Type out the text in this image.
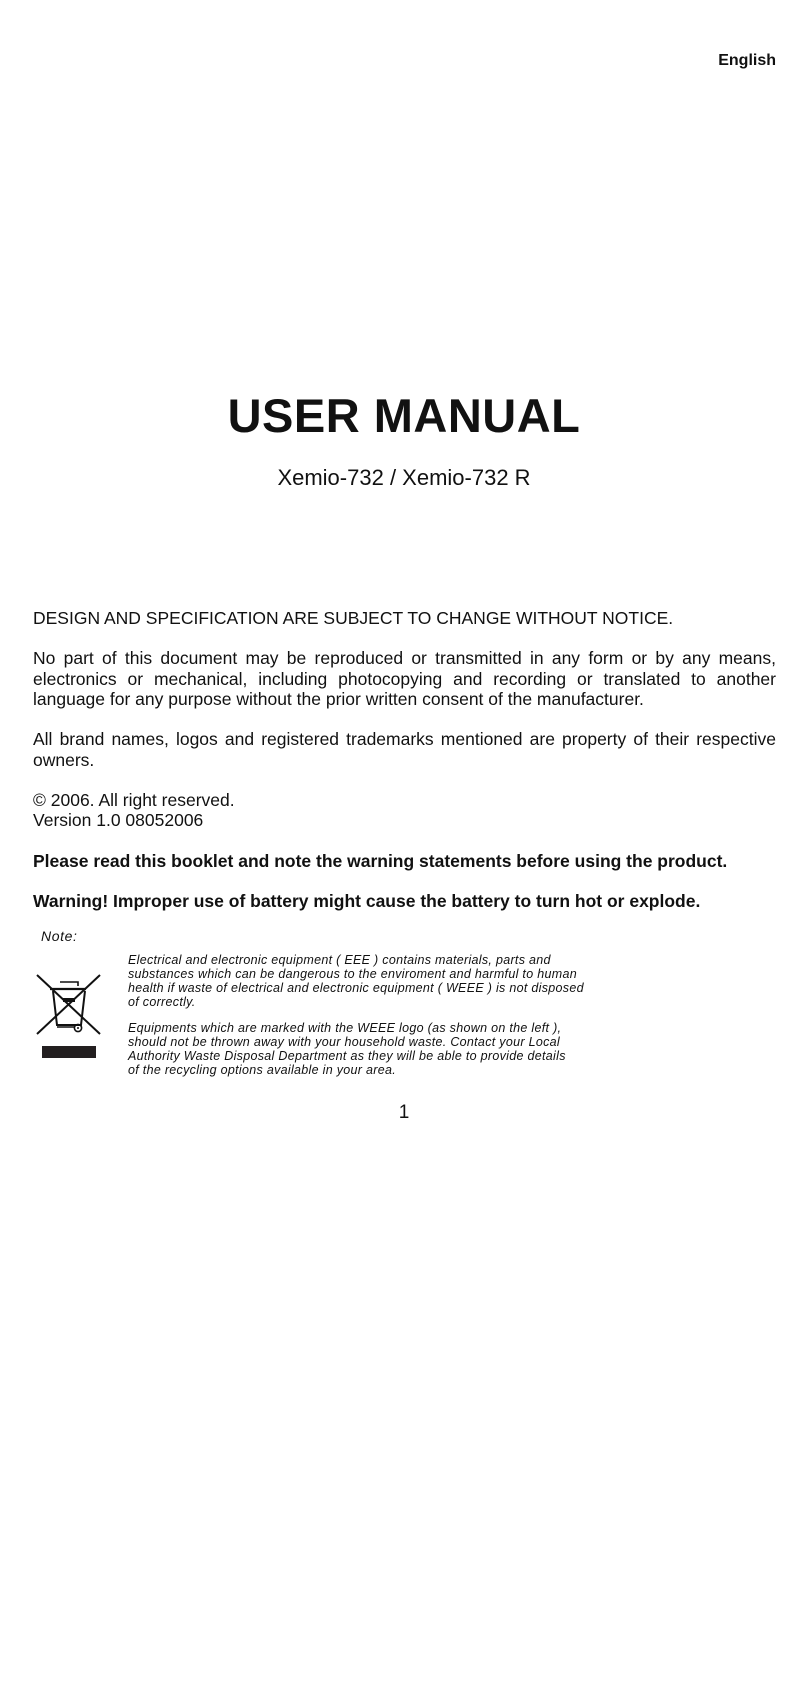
English

USER MANUAL

Xemio-732 / Xemio-732 R

DESIGN AND SPECIFICATION ARE SUBJECT TO CHANGE WITHOUT NOTICE.

No part of this document may be reproduced or transmitted in any form or by any means, electronics or mechanical, including photocopying and recording or translated to another language for any purpose without the prior written consent of the manufacturer.

All brand names, logos and registered trademarks mentioned are property of their respective owners.

© 2006. All right reserved.

Version 1.0 08052006

Please read this booklet and note the warning statements before using the product.

Warning! Improper use of battery might cause the battery to turn hot or explode.

Note:

Electrical and electronic equipment ( EEE ) contains materials, parts and
substances which can be dangerous to the enviroment and harmful to human
health if waste of electrical and electronic equipment ( WEEE ) is not disposed
of correctly.

Equipments which are marked with the WEEE logo (as shown on the left ),
should not be thrown away with your household waste. Contact your Local
Authority Waste Disposal Department as they will be able to provide details
of the recycling options available in your area.

1
